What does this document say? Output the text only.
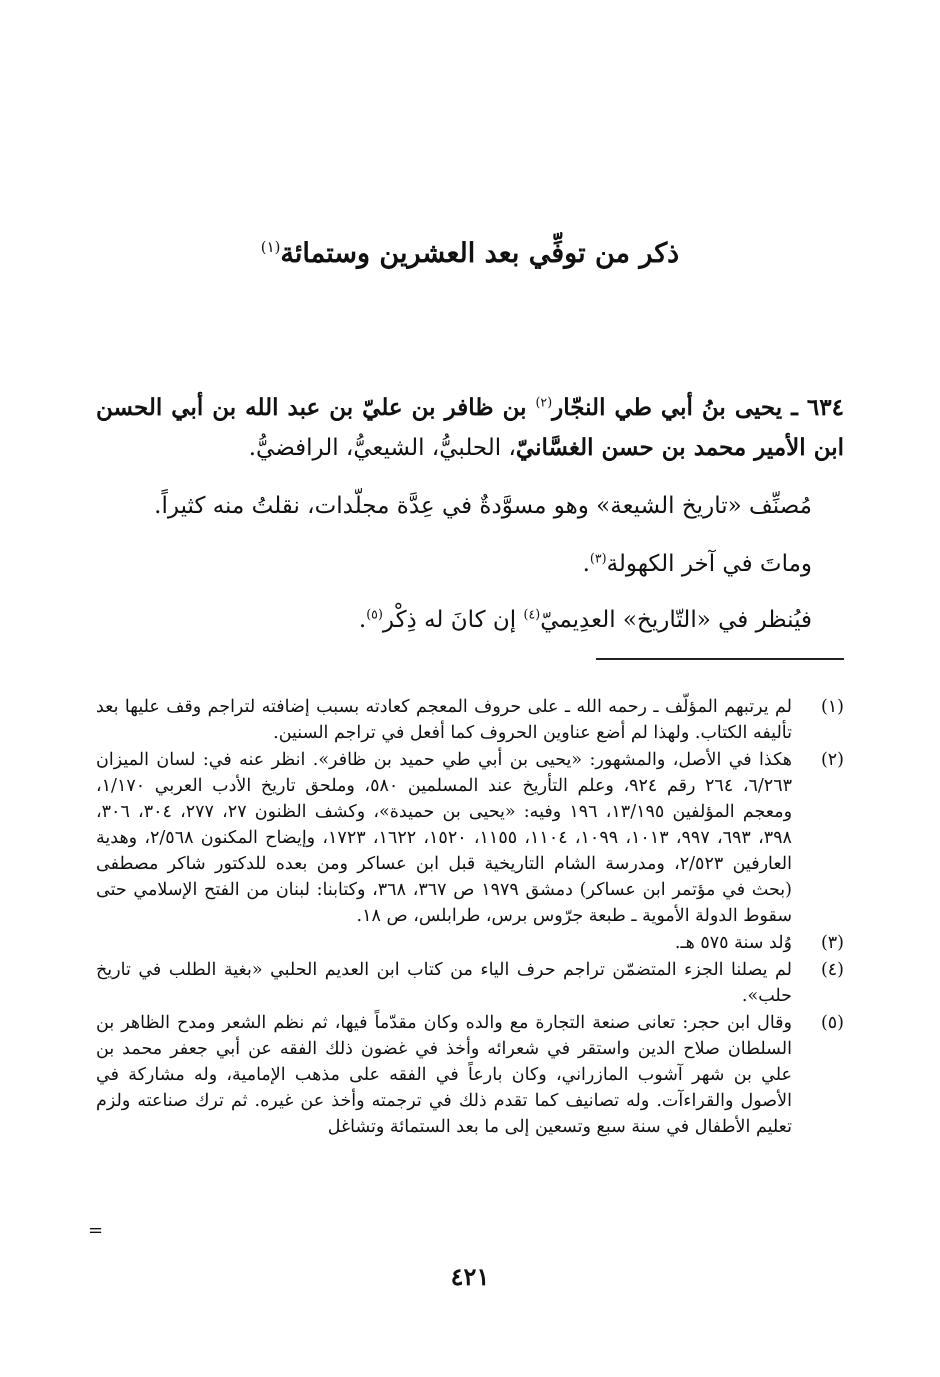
ذكر من توفِّي بعد العشرين وستمائة$^{(١)}$
٦٣٤ ـ يحيى بنُ أبي طي النجّار$^{(٢)}$ بن ظافر بن عليّ بن عبد الله بن أبي الحسن ابن الأمير محمد بن حسن الغسَّانيّ، الحلبيُّ، الشيعيُّ، الرافضيُّ.
مُصنِّف «تاريخ الشيعة» وهو مسوَّدةٌ في عِدَّة مجلّدات، نقلتُ منه كثيراً.
وماتَ في آخر الكهولة$^{(٣)}$.
فيُنظر في «التّاريخ» العدِيميّ$^{(٤)}$ إن كانَ له ذِكْر$^{(٥)}$.
(١)
لم يرتبهم المؤلّف ـ رحمه الله ـ على حروف المعجم كعادته بسبب إضافته لتراجم وقف عليها بعد تأليفه الكتاب. ولهذا لم أضع عناوين الحروف كما أفعل في تراجم السنين.
(٢)
هكذا في الأصل، والمشهور: «يحيى بن أبي طي حميد بن ظافر». انظر عنه في: لسان الميزان ٦/٢٦٣، ٢٦٤ رقم ٩٢٤، وعلم التأريخ عند المسلمين ٥٨٠، وملحق تاريخ الأدب العربي ١/١٧٠، ومعجم المؤلفين ١٣/١٩٥، ١٩٦ وفيه: «يحيى بن حميدة»، وكشف الظنون ٢٧، ٢٧٧، ٣٠٤، ٣٠٦، ٣٩٨، ٦٩٣، ٩٩٧، ١٠١٣، ١٠٩٩، ١١٠٤، ١١٥٥، ١٥٢٠، ١٦٢٢، ١٧٢٣، وإيضاح المكنون ٢/٥٦٨، وهدية العارفين ٢/٥٢٣، ومدرسة الشام التاريخية قبل ابن عساكر ومن بعده للدكتور شاكر مصطفى (بحث في مؤتمر ابن عساكر) دمشق ١٩٧٩ ص ٣٦٧، ٣٦٨، وكتابنا: لبنان من الفتح الإسلامي حتى سقوط الدولة الأموية ـ طبعة جرّوس برس، طرابلس، ص ١٨.
(٣)
وُلد سنة ٥٧٥ هـ.
(٤)
لم يصلنا الجزء المتضمّن تراجم حرف الياء من كتاب ابن العديم الحلبي «بغية الطلب في تاريخ حلب».
(٥)
وقال ابن حجر: تعانى صنعة التجارة مع والده وكان مقدّماً فيها، ثم نظم الشعر ومدح الظاهر بن السلطان صلاح الدين واستقر في شعرائه وأخذ في غضون ذلك الفقه عن أبي جعفر محمد بن علي بن شهر آشوب المازراني، وكان بارعاً في الفقه على مذهب الإمامية، وله مشاركة في الأصول والقراءآت. وله تصانيف كما تقدم ذلك في ترجمته وأخذ عن غيره. ثم ترك صناعته ولزم تعليم الأطفال في سنة سبع وتسعين إلى ما بعد الستمائة وتشاغل
=
٤٢١
